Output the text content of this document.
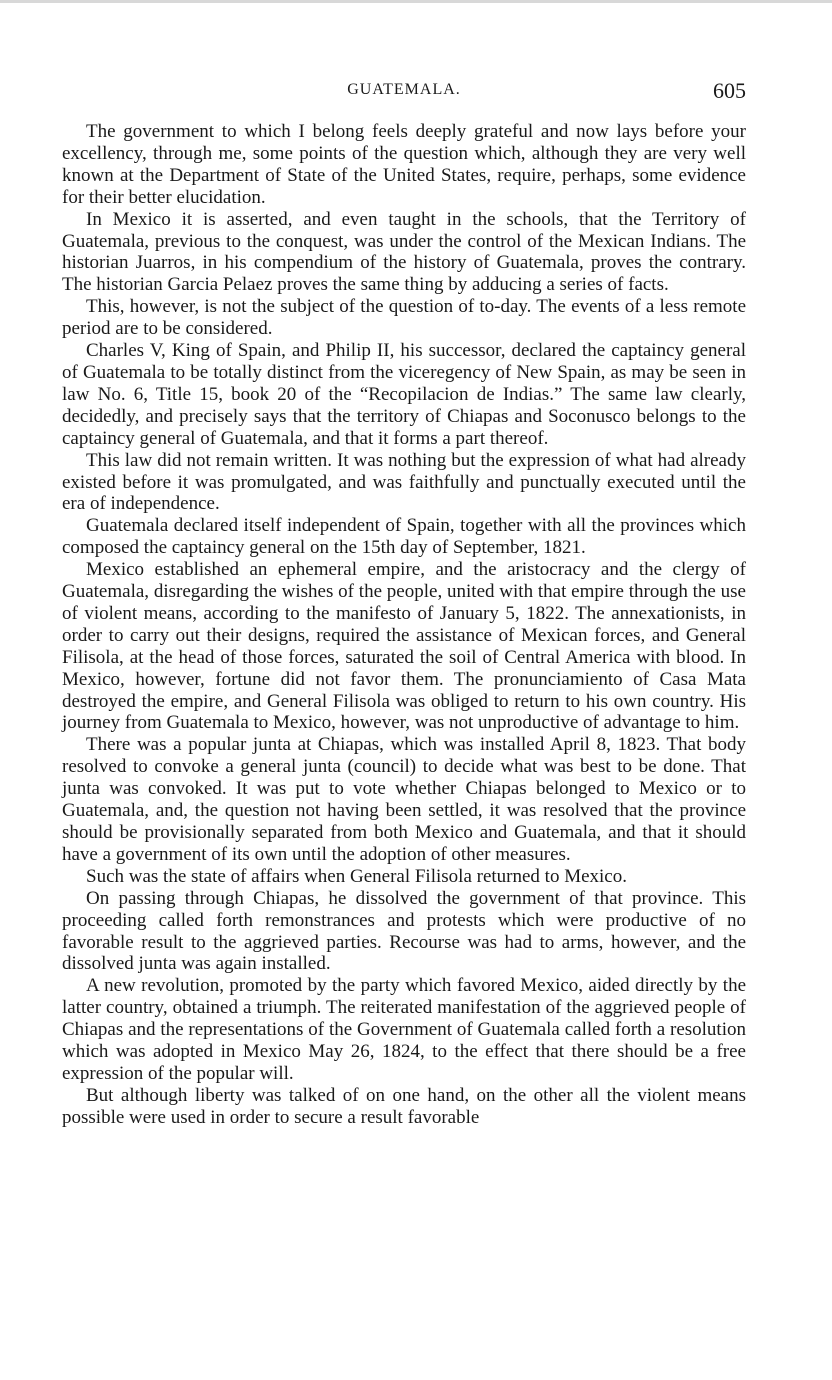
GUATEMALA.	605

The government to which I belong feels deeply grateful and now lays before your excellency, through me, some points of the question which, although they are very well known at the Department of State of the United States, require, perhaps, some evidence for their better elucidation.

In Mexico it is asserted, and even taught in the schools, that the Territory of Guatemala, previous to the conquest, was under the control of the Mexican Indians. The historian Juarros, in his compendium of the history of Guatemala, proves the contrary. The historian Garcia Pelaez proves the same thing by adducing a series of facts.

This, however, is not the subject of the question of to-day. The events of a less remote period are to be considered.

Charles V, King of Spain, and Philip II, his successor, declared the captaincy general of Guatemala to be totally distinct from the viceregency of New Spain, as may be seen in law No. 6, Title 15, book 20 of the “Recopilacion de Indias.” The same law clearly, decidedly, and precisely says that the territory of Chiapas and Soconusco belongs to the captaincy general of Guatemala, and that it forms a part thereof.

This law did not remain written. It was nothing but the expression of what had already existed before it was promulgated, and was faithfully and punctually executed until the era of independence.

Guatemala declared itself independent of Spain, together with all the provinces which composed the captaincy general on the 15th day of September, 1821.

Mexico established an ephemeral empire, and the aristocracy and the clergy of Guatemala, disregarding the wishes of the people, united with that empire through the use of violent means, according to the manifesto of January 5, 1822. The annexationists, in order to carry out their designs, required the assistance of Mexican forces, and General Filisola, at the head of those forces, saturated the soil of Central America with blood. In Mexico, however, fortune did not favor them. The pronunciamiento of Casa Mata destroyed the empire, and General Filisola was obliged to return to his own country. His journey from Guatemala to Mexico, however, was not unproductive of advantage to him.

There was a popular junta at Chiapas, which was installed April 8, 1823. That body resolved to convoke a general junta (council) to decide what was best to be done. That junta was convoked. It was put to vote whether Chiapas belonged to Mexico or to Guatemala, and, the question not having been settled, it was resolved that the province should be provisionally separated from both Mexico and Guatemala, and that it should have a government of its own until the adoption of other measures.

Such was the state of affairs when General Filisola returned to Mexico.

On passing through Chiapas, he dissolved the government of that province. This proceeding called forth remonstrances and protests which were productive of no favorable result to the aggrieved parties. Recourse was had to arms, however, and the dissolved junta was again installed.

A new revolution, promoted by the party which favored Mexico, aided directly by the latter country, obtained a triumph. The reiterated manifestation of the aggrieved people of Chiapas and the representations of the Government of Guatemala called forth a resolution which was adopted in Mexico May 26, 1824, to the effect that there should be a free expression of the popular will.

But although liberty was talked of on one hand, on the other all the violent means possible were used in order to secure a result favorable
